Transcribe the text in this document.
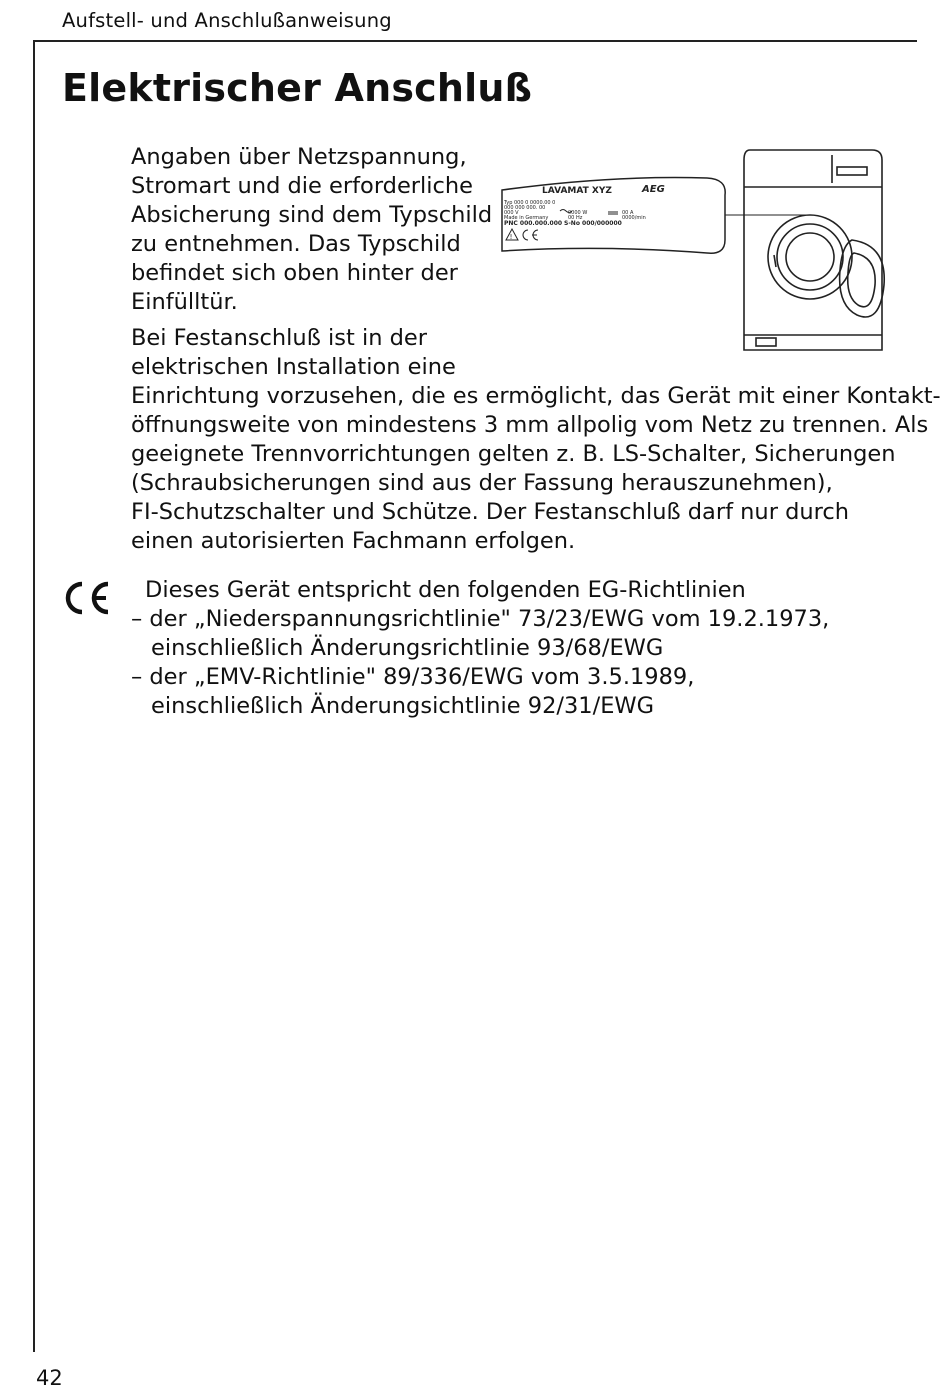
Aufstell- und Anschlußanweisung
Elektrischer Anschluß
Angaben über Netzspannung,
Stromart und die erforderliche
Absicherung sind dem Typschild
zu entnehmen. Das Typschild
befindet sich oben hinter der
Einfülltür.
Bei Festanschluß ist in der
elektrischen Installation eine
Einrichtung vorzusehen, die es ermöglicht, das Gerät mit einer Kontakt-
öffnungsweite von mindestens 3 mm allpolig vom Netz zu trennen. Als
geeignete Trennvorrichtungen gelten z. B. LS-Schalter, Sicherungen
(Schraubsicherungen sind aus der Fassung herauszunehmen),
FI-Schutzschalter und Schütze. Der Festanschluß darf nur durch
einen autorisierten Fachmann erfolgen.
LAVAMAT XYZ	AEG
Typ 000 0 0000.00 0
000 000 000. 00
000 V	0000 W	00 A
Made in Germany	00 Hz	0000/min
PNC 000.000.000 S-No 000/000000
!
Dieses Gerät entspricht den folgenden EG-Richtlinien
– der „Niederspannungsrichtlinie" 73/23/EWG vom 19.2.1973,
einschließlich Änderungsrichtlinie 93/68/EWG
– der „EMV-Richtlinie" 89/336/EWG vom 3.5.1989,
einschließlich Änderungsichtlinie 92/31/EWG
42
